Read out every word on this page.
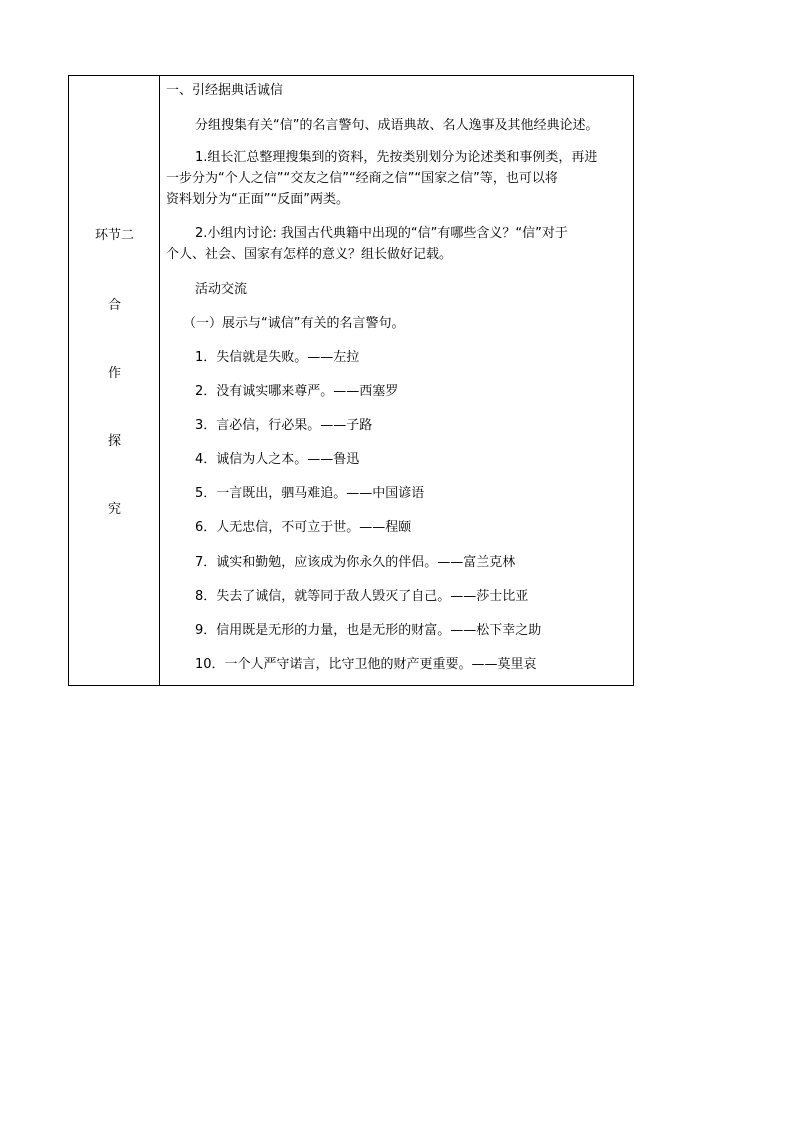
环节二
合
作
探
究
一、引经据典话诚信
分组搜集有关“信”的名言警句、成语典故、名人逸事及其他经典论述。
1.组长汇总整理搜集到的资料，先按类别划分为论述类和事例类，再进
一步分为“个人之信”“交友之信”“经商之信”“国家之信”等，也可以将
资料划分为“正面”“反面”两类。
2.小组内讨论: 我国古代典籍中出现的“信”有哪些含义？“信”对于
个人、社会、国家有怎样的意义？组长做好记载。
活动交流
（一）展示与“诚信”有关的名言警句。
1．失信就是失败。——左拉
2．没有诚实哪来尊严。——西塞罗
3．言必信，行必果。——子路
4．诚信为人之本。——鲁迅
5．一言既出，驷马难追。——中国谚语
6．人无忠信，不可立于世。——程颐
7．诚实和勤勉，应该成为你永久的伴侣。——富兰克林
8．失去了诚信，就等同于敌人毁灭了自己。——莎士比亚
9．信用既是无形的力量，也是无形的财富。——松下幸之助
10．一个人严守诺言，比守卫他的财产更重要。——莫里哀
